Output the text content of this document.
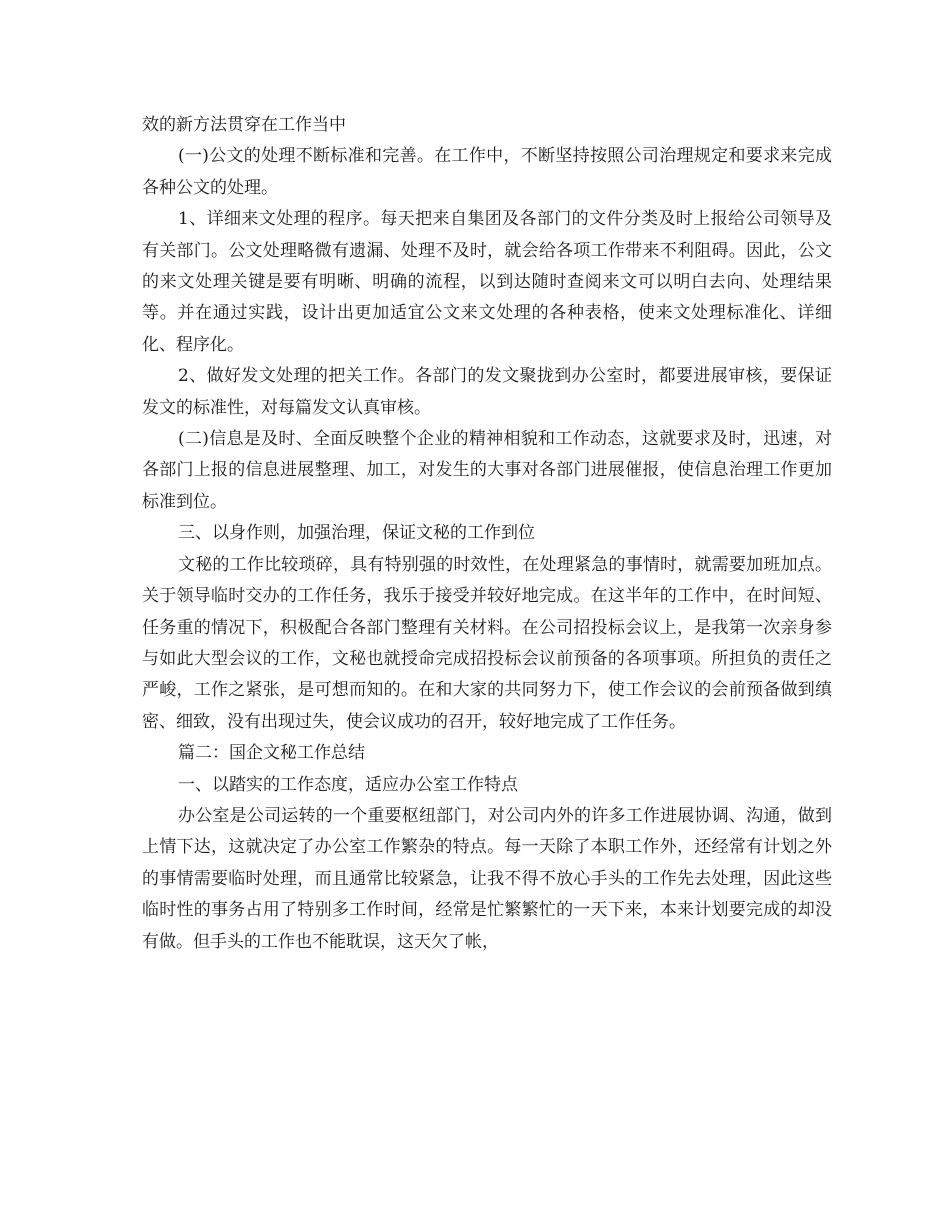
效的新方法贯穿在工作当中

(一)公文的处理不断标准和完善。在工作中，不断坚持按照公司治理规定和要求来完成各种公文的处理。

1、详细来文处理的程序。每天把来自集团及各部门的文件分类及时上报给公司领导及有关部门。公文处理略微有遗漏、处理不及时，就会给各项工作带来不利阻碍。因此，公文的来文处理关键是要有明晰、明确的流程，以到达随时查阅来文可以明白去向、处理结果等。并在通过实践，设计出更加适宜公文来文处理的各种表格，使来文处理标准化、详细化、程序化。

2、做好发文处理的把关工作。各部门的发文聚拢到办公室时，都要进展审核，要保证发文的标准性，对每篇发文认真审核。

(二)信息是及时、全面反映整个企业的精神相貌和工作动态，这就要求及时，迅速，对各部门上报的信息进展整理、加工，对发生的大事对各部门进展催报，使信息治理工作更加标准到位。

三、以身作则，加强治理，保证文秘的工作到位

文秘的工作比较琐碎，具有特别强的时效性，在处理紧急的事情时，就需要加班加点。关于领导临时交办的工作任务，我乐于接受并较好地完成。在这半年的工作中，在时间短、任务重的情况下，积极配合各部门整理有关材料。在公司招投标会议上，是我第一次亲身参与如此大型会议的工作，文秘也就授命完成招投标会议前预备的各项事项。所担负的责任之严峻，工作之紧张，是可想而知的。在和大家的共同努力下，使工作会议的会前预备做到缜密、细致，没有出现过失，使会议成功的召开，较好地完成了工作任务。

篇二：国企文秘工作总结

一、以踏实的工作态度，适应办公室工作特点

办公室是公司运转的一个重要枢纽部门，对公司内外的许多工作进展协调、沟通，做到上情下达，这就决定了办公室工作繁杂的特点。每一天除了本职工作外，还经常有计划之外的事情需要临时处理，而且通常比较紧急，让我不得不放心手头的工作先去处理，因此这些临时性的事务占用了特别多工作时间，经常是忙繁繁忙的一天下来，本来计划要完成的却没有做。但手头的工作也不能耽误，这天欠了帐，
